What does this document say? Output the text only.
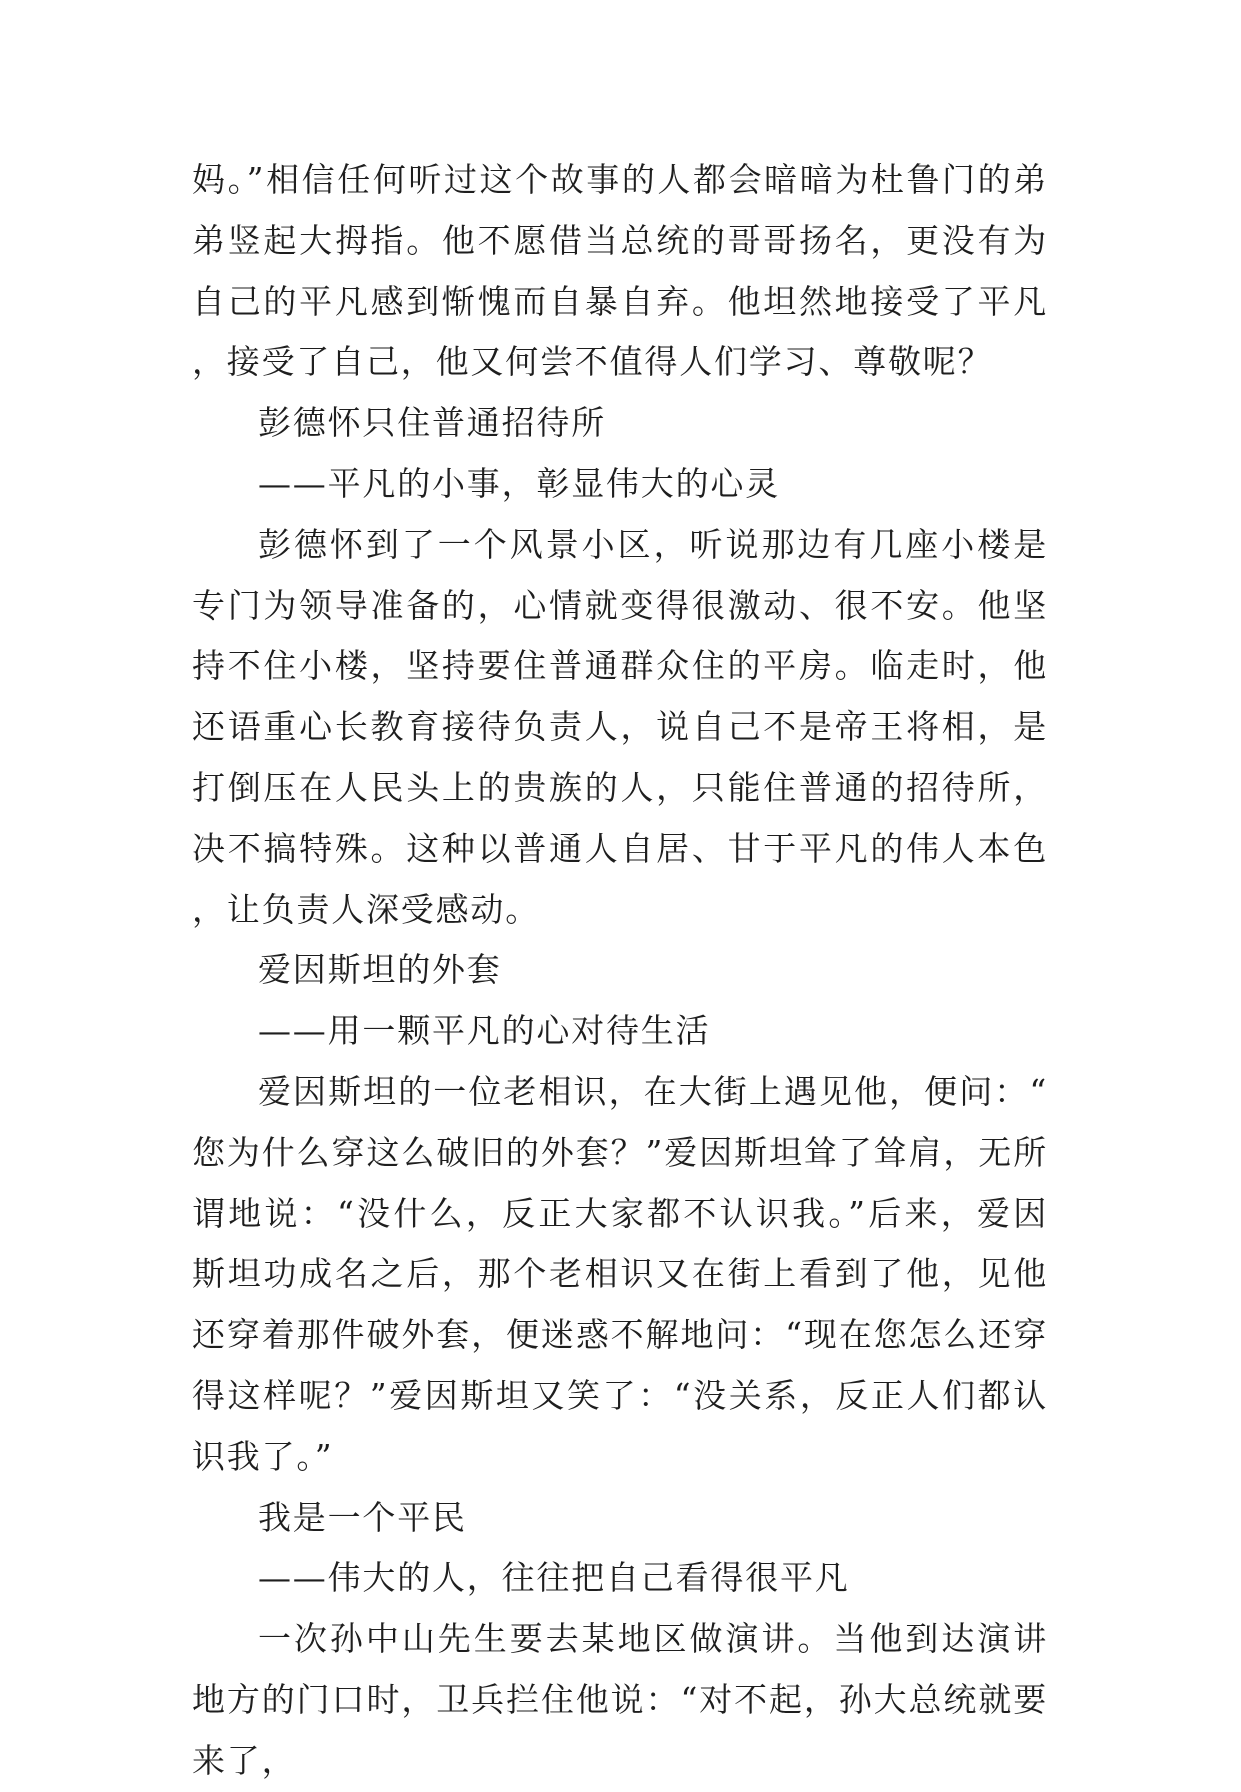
妈。”相信任何听过这个故事的人都会暗暗为杜鲁门的弟弟竖起大拇指。他不愿借当总统的哥哥扬名，更没有为自己的平凡感到惭愧而自暴自弃。他坦然地接受了平凡，接受了自己，他又何尝不值得人们学习、尊敬呢？

彭德怀只住普通招待所

——平凡的小事，彰显伟大的心灵

彭德怀到了一个风景小区，听说那边有几座小楼是专门为领导准备的，心情就变得很激动、很不安。他坚持不住小楼，坚持要住普通群众住的平房。临走时，他还语重心长教育接待负责人，说自己不是帝王将相，是打倒压在人民头上的贵族的人，只能住普通的招待所，决不搞特殊。这种以普通人自居、甘于平凡的伟人本色，让负责人深受感动。

爱因斯坦的外套

——用一颗平凡的心对待生活

爱因斯坦的一位老相识，在大街上遇见他，便问：“您为什么穿这么破旧的外套？”爱因斯坦耸了耸肩，无所谓地说：“没什么，反正大家都不认识我。”后来，爱因斯坦功成名之后，那个老相识又在街上看到了他，见他还穿着那件破外套，便迷惑不解地问：“现在您怎么还穿得这样呢？”爱因斯坦又笑了：“没关系，反正人们都认识我了。”

我是一个平民

——伟大的人，往往把自己看得很平凡

一次孙中山先生要去某地区做演讲。当他到达演讲地方的门口时，卫兵拦住他说：“对不起，孙大总统就要来了，
